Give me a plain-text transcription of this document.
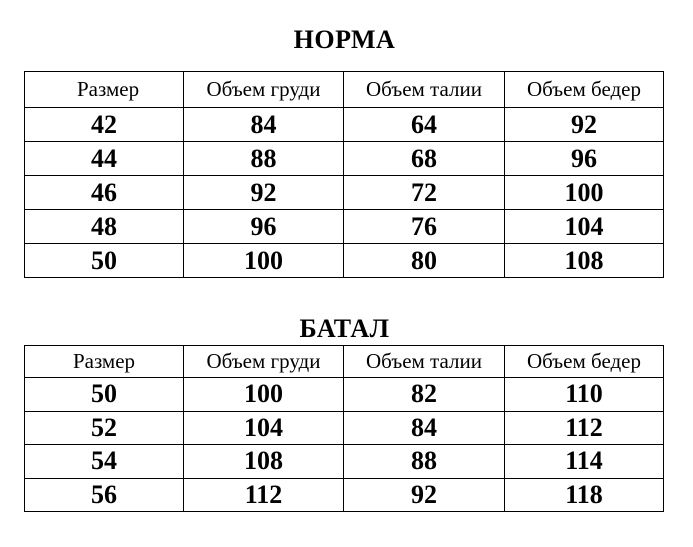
НОРМА
Размер	Объем груди	Объем талии	Объем бедер
42	84	64	92
44	88	68	96
46	92	72	100
48	96	76	104
50	100	80	108
БАТАЛ
Размер	Объем груди	Объем талии	Объем бедер
50	100	82	110
52	104	84	112
54	108	88	114
56	112	92	118
